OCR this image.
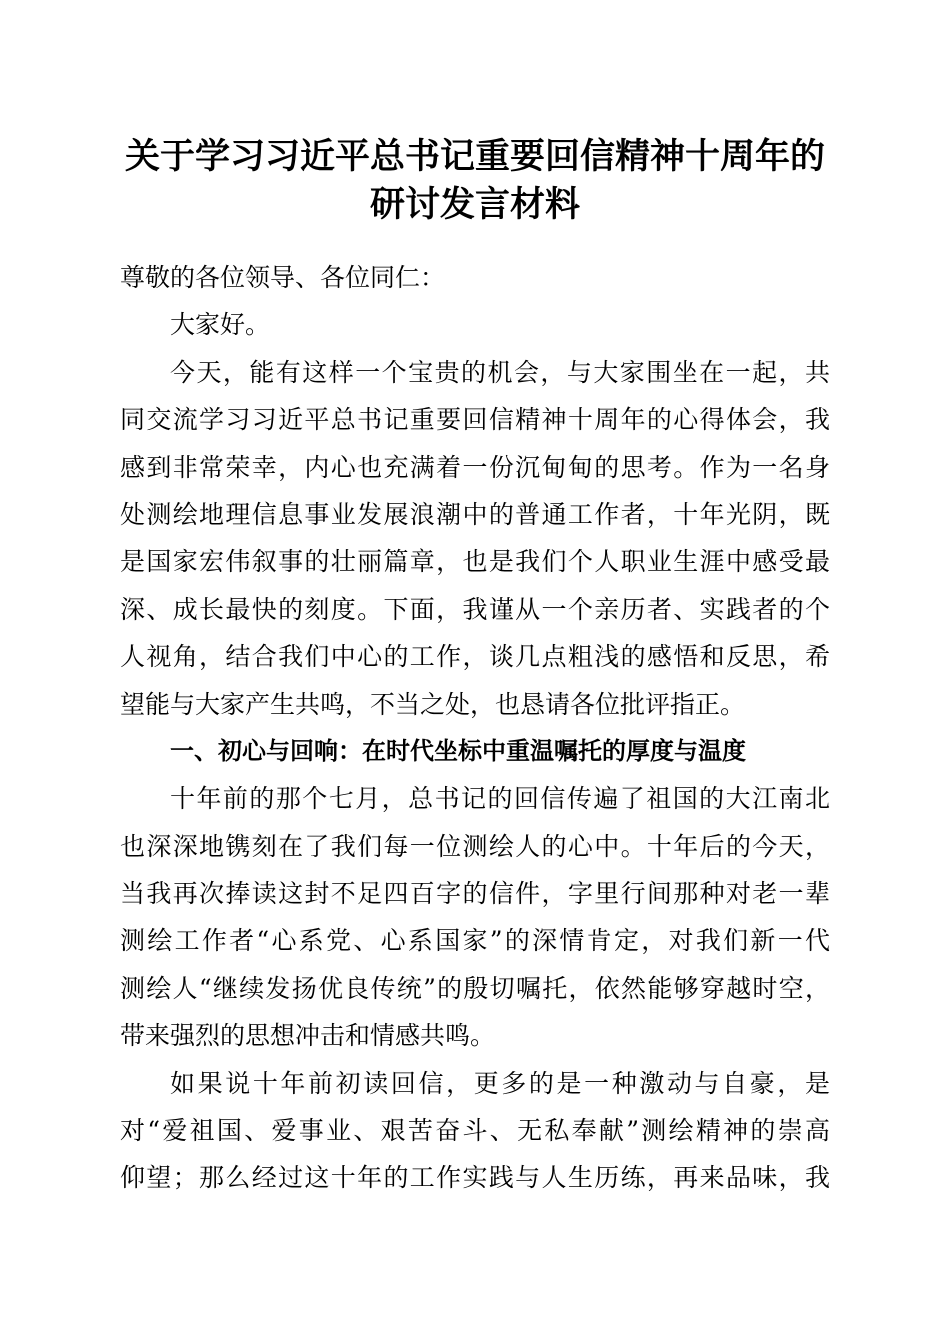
关于学习习近平总书记重要回信精神十周年的
研讨发言材料
尊敬的各位领导、各位同仁：
大家好。
今天，能有这样一个宝贵的机会，与大家围坐在一起，共
同交流学习习近平总书记重要回信精神十周年的心得体会，我
感到非常荣幸，内心也充满着一份沉甸甸的思考。作为一名身
处测绘地理信息事业发展浪潮中的普通工作者，十年光阴，既
是国家宏伟叙事的壮丽篇章，也是我们个人职业生涯中感受最
深、成长最快的刻度。下面，我谨从一个亲历者、实践者的个
人视角，结合我们中心的工作，谈几点粗浅的感悟和反思，希
望能与大家产生共鸣，不当之处，也恳请各位批评指正。
一、初心与回响：在时代坐标中重温嘱托的厚度与温度
十年前的那个七月，总书记的回信传遍了祖国的大江南北
也深深地镌刻在了我们每一位测绘人的心中。十年后的今天，
当我再次捧读这封不足四百字的信件，字里行间那种对老一辈
测绘工作者“心系党、心系国家”的深情肯定，对我们新一代
测绘人“继续发扬优良传统”的殷切嘱托，依然能够穿越时空，
带来强烈的思想冲击和情感共鸣。
如果说十年前初读回信，更多的是一种激动与自豪，是
对“爱祖国、爱事业、艰苦奋斗、无私奉献”测绘精神的崇高
仰望；那么经过这十年的工作实践与人生历练，再来品味，我
